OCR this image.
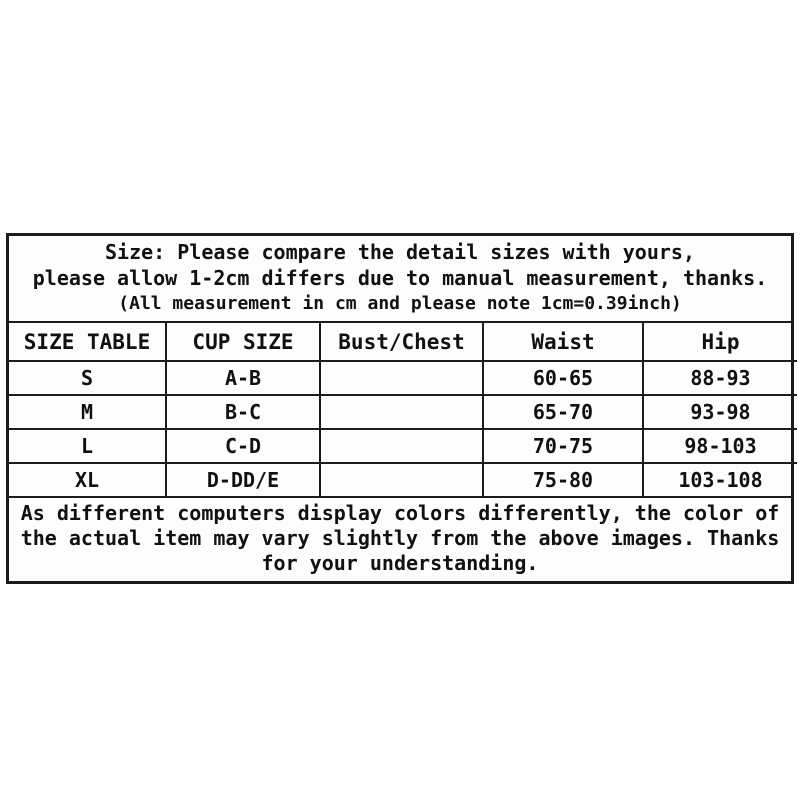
Size: Please compare the detail sizes with yours,
please allow 1-2cm differs due to manual measurement, thanks.
(All measurement in cm and please note 1cm=0.39inch)
SIZE TABLE	CUP SIZE	Bust/Chest	Waist	Hip
S	A-B		60-65	88-93
M	B-C		65-70	93-98
L	C-D		70-75	98-103
XL	D-DD/E		75-80	103-108
As different computers display colors differently, the color of
the actual item may vary slightly from the above images. Thanks
for your understanding.
